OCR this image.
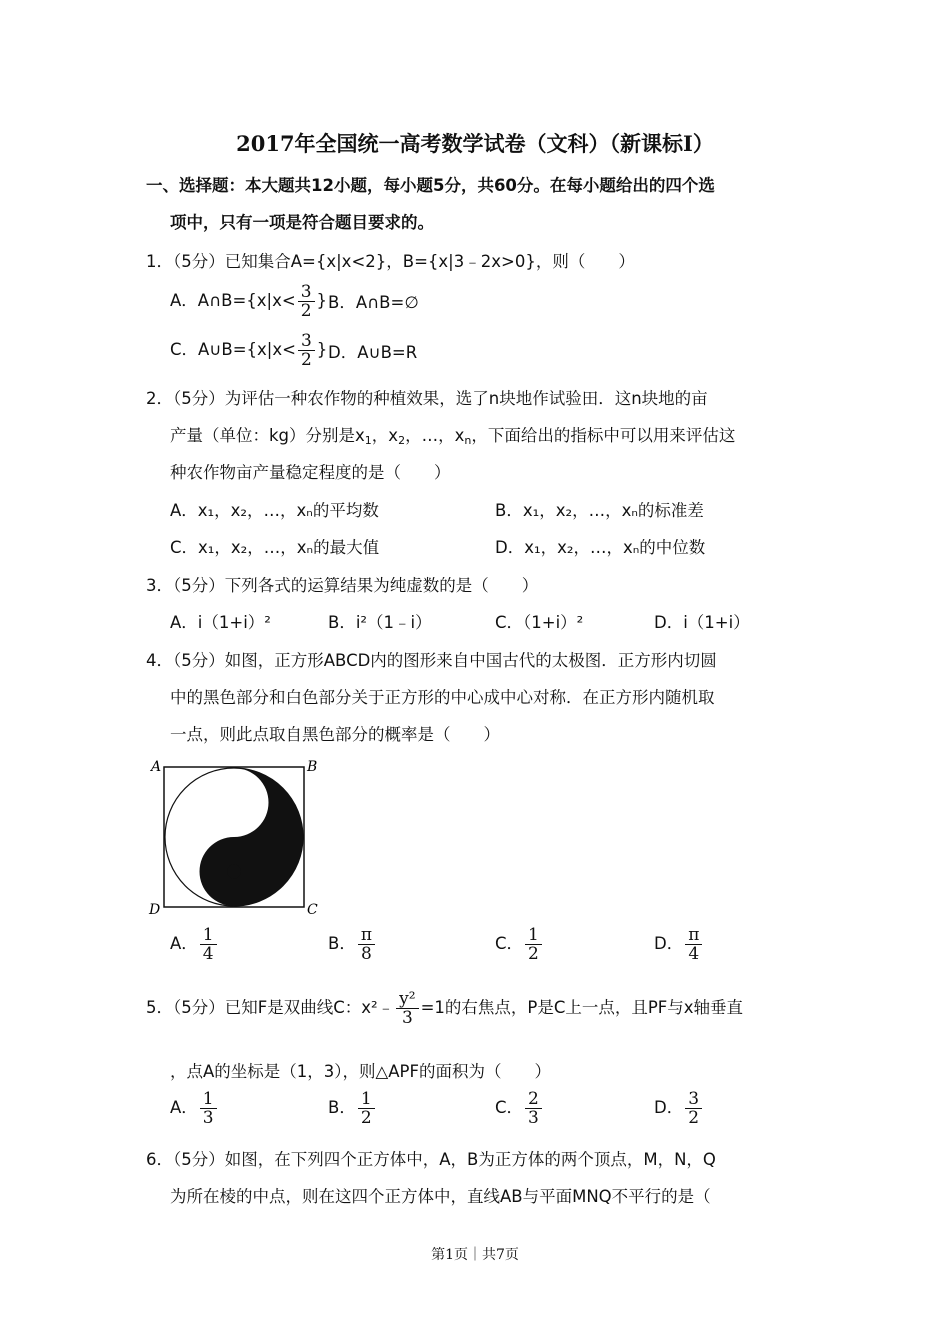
2017年全国统一高考数学试卷（文科）（新课标Ⅰ）
一、选择题：本大题共12小题，每小题5分，共60分。在每小题给出的四个选
项中，只有一项是符合题目要求的。
1．（5分）已知集合A={x|x<2}，B={x|3﹣2x>0}，则（　　）
A．A∩B={x|x< $\frac{3}{2}$ } B．A∩B=∅
C．A∪B={x|x< $\frac{3}{2}$ } D．A∪B=R
2．（5分）为评估一种农作物的种植效果，选了n块地作试验田．这n块地的亩
产量（单位：kg）分别是$x_1$，$x_2$，…，$x_n$，下面给出的指标中可以用来评估这
种农作物亩产量稳定程度的是（　　）
A．x₁，x₂，…，xₙ的平均数	B．x₁，x₂，…，xₙ的标准差
C．x₁，x₂，…，xₙ的最大值	D．x₁，x₂，…，xₙ的中位数
3．（5分）下列各式的运算结果为纯虚数的是（　　）
A．i（1+i）²	B．i²（1﹣i）	C．（1+i）²	D．i（1+i）
4．（5分）如图，正方形ABCD内的图形来自中国古代的太极图．正方形内切圆
中的黑色部分和白色部分关于正方形的中心成中心对称．在正方形内随机取
一点，则此点取自黑色部分的概率是（　　）
A	B
D	C
A． $\frac{1}{4}$	B． $\frac{\pi}{8}$	C． $\frac{1}{2}$	D． $\frac{\pi}{4}$
5．（5分）已知F是双曲线C：x²﹣ $\frac{\text{y²}}{3} =1$的右焦点，P是C上一点，且PF与x轴垂直
，点A的坐标是（1，3），则△APF的面积为（　　）
A． $\frac{1}{3}$	B． $\frac{1}{2}$	C． $\frac{2}{3}$	D． $\frac{3}{2}$
6．（5分）如图，在下列四个正方体中，A，B为正方体的两个顶点，M，N，Q
为所在棱的中点，则在这四个正方体中，直线AB与平面MNQ不平行的是（
第1页｜共7页
